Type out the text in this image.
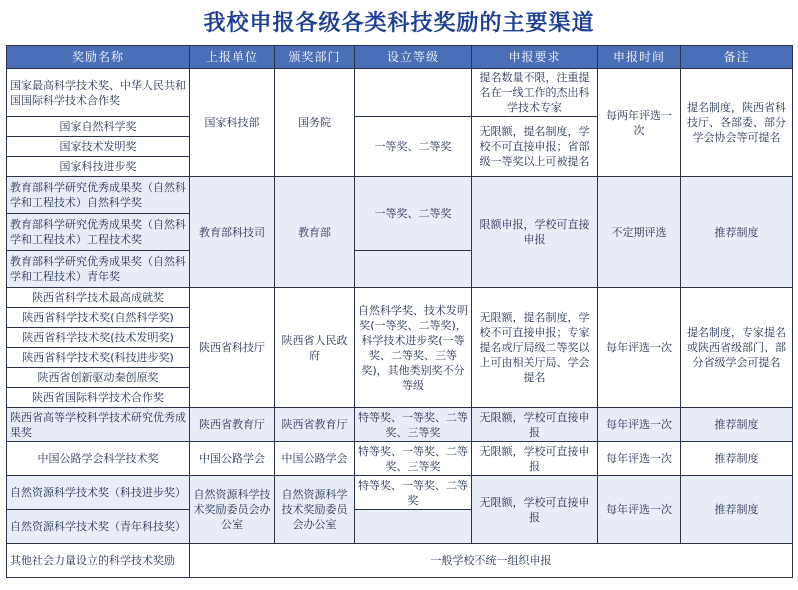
我校申报各级各类科技奖励的主要渠道
奖励名称	上报单位	颁奖部门	设立等级	申报要求	申报时间	备注
国家最高科学技术奖、中华人民共和国国际科学技术合作奖	国家科技部	国务院		提名数量不限，注重提名在一线工作的杰出科学技术专家	每两年评选一次	提名制度，陕西省科技厅、各部委、部分学会协会等可提名
国家自然科学奖			一等奖、二等奖	无限额，提名制度，学校不可直接申报；省部级一等奖以上可被提名		
国家技术发明奖						
国家科技进步奖						
教育部科学研究优秀成果奖（自然科学和工程技术）自然科学奖	教育部科技司	教育部	一等奖、二等奖	限额申报，学校可直接申报	不定期评选	推荐制度
教育部科学研究优秀成果奖（自然科学和工程技术）工程技术奖						
教育部科学研究优秀成果奖（自然科学和工程技术）青年奖						
陕西省科学技术最高成就奖	陕西省科技厅	陕西省人民政府	自然科学奖、技术发明奖(一等奖、二等奖)，科学技术进步奖(一等奖、二等奖、三等奖)，其他类别奖不分等级	无限额，提名制度，学校不可直接申报；专家提名或厅局级二等奖以上可由相关厅局、学会提名	每年评选一次	提名制度，专家提名或陕西省级部门、部分省级学会可提名
陕西省科学技术奖(自然科学奖)						
陕西省科学技术奖(技术发明奖)						
陕西省科学技术奖(科技进步奖)						
陕西省创新驱动秦创原奖						
陕西省国际科学技术合作奖						
陕西省高等学校科学技术研究优秀成果奖	陕西省教育厅	陕西省教育厅	特等奖、一等奖、二等奖、三等奖	无限额，学校可直接申报	每年评选一次	推荐制度
中国公路学会科学技术奖	中国公路学会	中国公路学会	特等奖、一等奖、二等奖、三等奖	无限额，学校可直接申报	每年评选一次	推荐制度
自然资源科学技术奖（科技进步奖）	自然资源科学技术奖励委员会办公室	自然资源科学技术奖励委员会办公室	特等奖、一等奖、二等奖	无限额，学校可直接申报	每年评选一次	推荐制度
自然资源科学技术奖（青年科技奖）						
其他社会力量设立的科学技术奖励	一般学校不统一组织申报					
